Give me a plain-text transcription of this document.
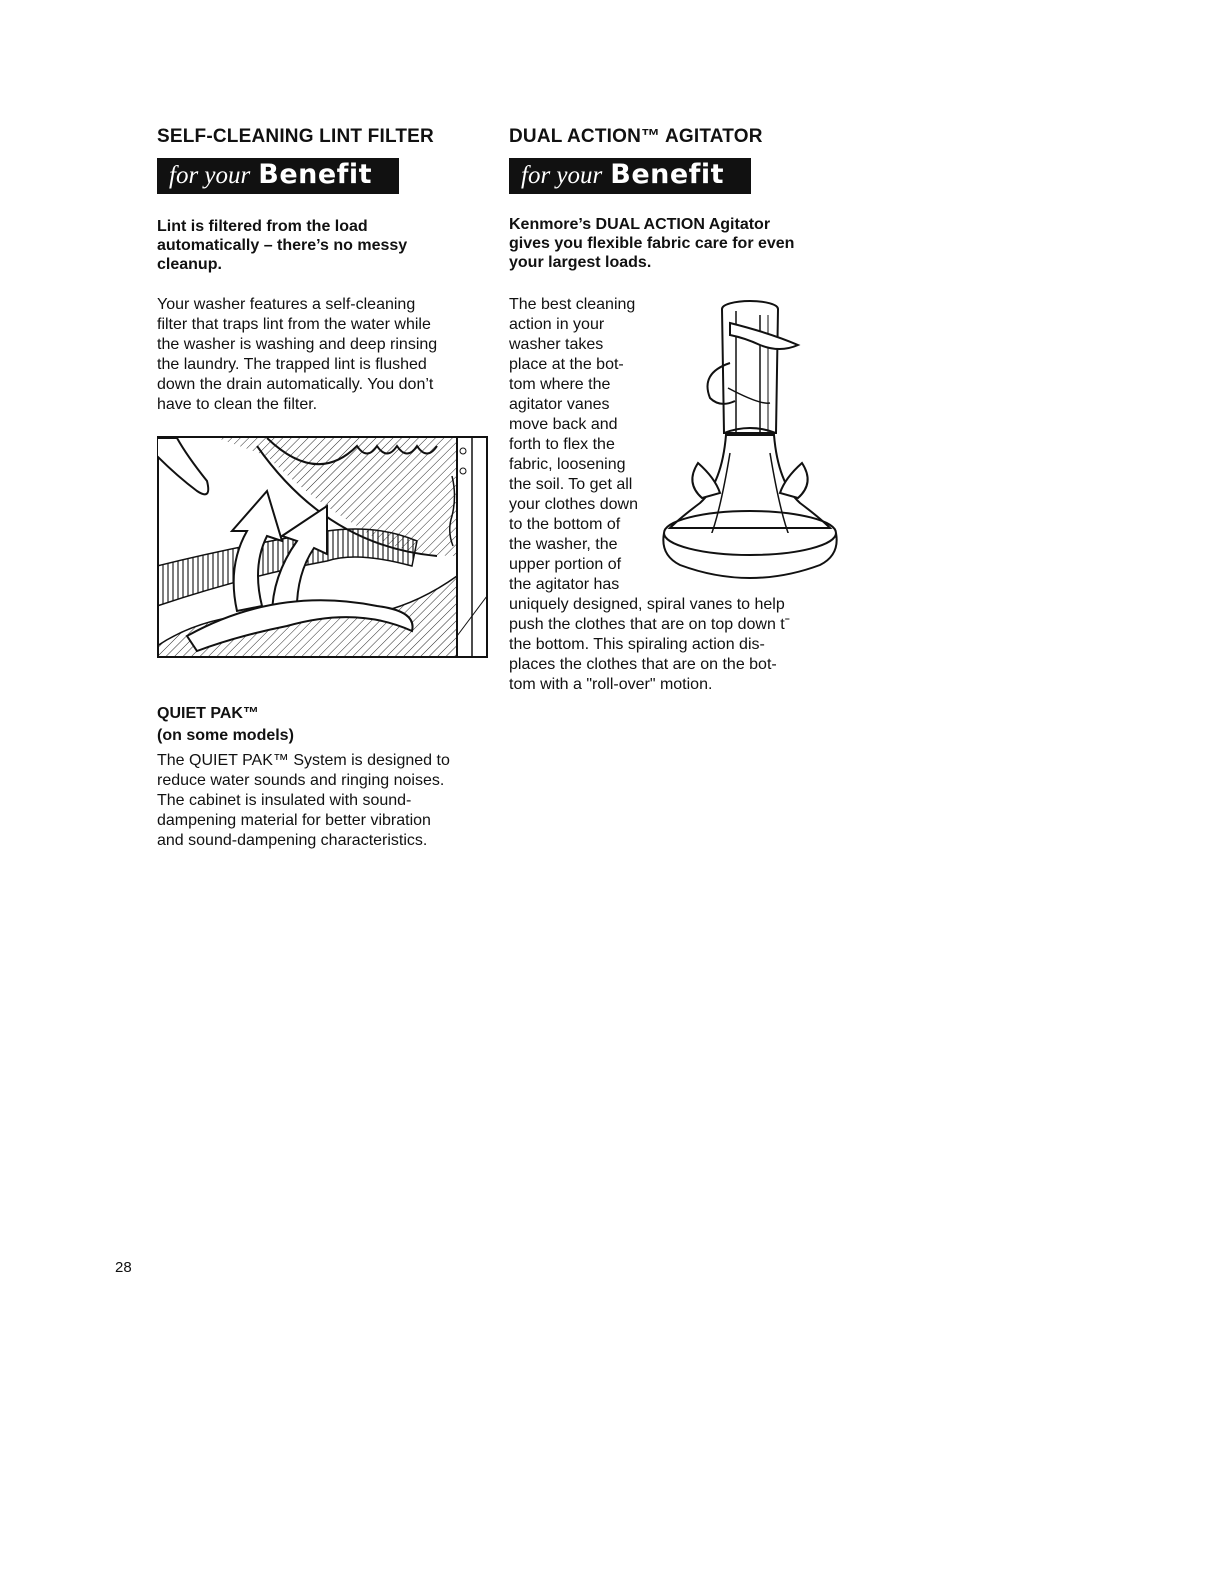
SELF-CLEANING LINT FILTER
for your Benefit

Lint is filtered from the load

automatically – there’s no messy

cleanup.

Your washer features a self-cleaning

filter that traps lint from the water while

the washer is washing and deep rinsing

the laundry. The trapped lint is flushed

down the drain automatically. You don’t

have to clean the filter.

QUIET PAK™

(on some models)

The QUIET PAK™ System is designed to

reduce water sounds and ringing noises.

The cabinet is insulated with sound-

dampening material for better vibration

and sound-dampening characteristics.

DUAL ACTION™ AGITATOR
for your Benefit

Kenmore’s DUAL ACTION Agitator

gives you flexible fabric care for even

your largest loads.

The best cleaning

action in your

washer takes

place at the bot-

tom where the

agitator vanes

move back and

forth to flex the

fabric, loosening

the soil. To get all

your clothes down

to the bottom of

the washer, the

upper portion of

the agitator has

uniquely designed, spiral vanes to help

push the clothes that are on top down tˉ

the bottom. This spiraling action dis-

places the clothes that are on the bot-

tom with a "roll-over" motion.

28
